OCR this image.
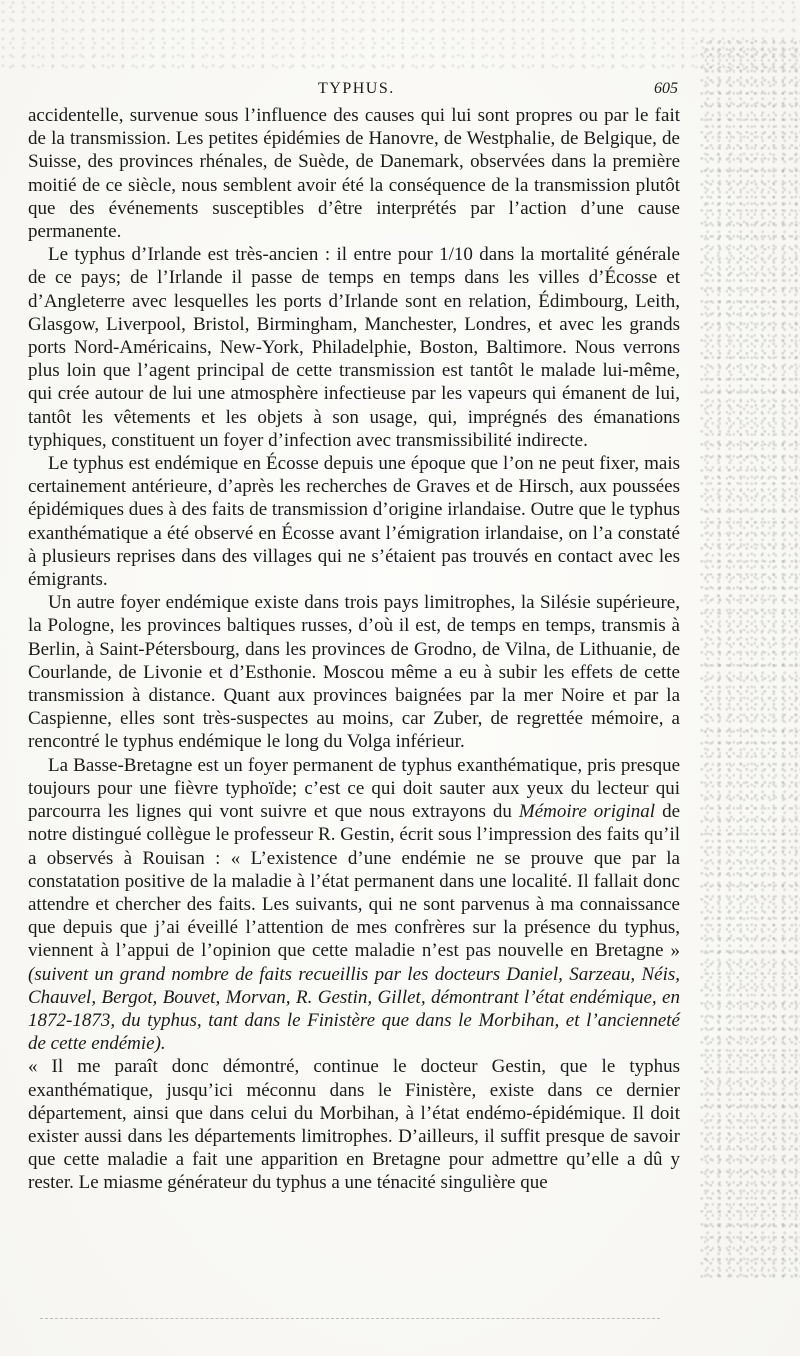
TYPHUS.	605

accidentelle, survenue sous l’influence des causes qui lui sont propres ou par le fait de la transmission. Les petites épidémies de Hanovre, de Westphalie, de Belgique, de Suisse, des provinces rhénales, de Suède, de Danemark, observées dans la première moitié de ce siècle, nous semblent avoir été la conséquence de la transmission plutôt que des événements susceptibles d’être interprétés par l’action d’une cause permanente.

Le typhus d’Irlande est très-ancien : il entre pour 1/10 dans la mortalité générale de ce pays; de l’Irlande il passe de temps en temps dans les villes d’Écosse et d’Angleterre avec lesquelles les ports d’Irlande sont en relation, Édimbourg, Leith, Glasgow, Liverpool, Bristol, Birmingham, Manchester, Londres, et avec les grands ports Nord-Américains, New-York, Philadelphie, Boston, Baltimore. Nous verrons plus loin que l’agent principal de cette transmission est tantôt le malade lui-même, qui crée autour de lui une atmosphère infectieuse par les vapeurs qui émanent de lui, tantôt les vêtements et les objets à son usage, qui, imprégnés des émanations typhiques, constituent un foyer d’infection avec transmissibilité indirecte.

Le typhus est endémique en Écosse depuis une époque que l’on ne peut fixer, mais certainement antérieure, d’après les recherches de Graves et de Hirsch, aux poussées épidémiques dues à des faits de transmission d’origine irlandaise. Outre que le typhus exanthématique a été observé en Écosse avant l’émigration irlandaise, on l’a constaté à plusieurs reprises dans des villages qui ne s’étaient pas trouvés en contact avec les émigrants.

Un autre foyer endémique existe dans trois pays limitrophes, la Silésie supérieure, la Pologne, les provinces baltiques russes, d’où il est, de temps en temps, transmis à Berlin, à Saint-Pétersbourg, dans les provinces de Grodno, de Vilna, de Lithuanie, de Courlande, de Livonie et d’Esthonie. Moscou même a eu à subir les effets de cette transmission à distance. Quant aux provinces baignées par la mer Noire et par la Caspienne, elles sont très-suspectes au moins, car Zuber, de regrettée mémoire, a rencontré le typhus endémique le long du Volga inférieur.

La Basse-Bretagne est un foyer permanent de typhus exanthématique, pris presque toujours pour une fièvre typhoïde; c’est ce qui doit sauter aux yeux du lecteur qui parcourra les lignes qui vont suivre et que nous extrayons du Mémoire original de notre distingué collègue le professeur R. Gestin, écrit sous l’impression des faits qu’il a observés à Rouisan : « L’existence d’une endémie ne se prouve que par la constatation positive de la maladie à l’état permanent dans une localité. Il fallait donc attendre et chercher des faits. Les suivants, qui ne sont parvenus à ma connaissance que depuis que j’ai éveillé l’attention de mes confrères sur la présence du typhus, viennent à l’appui de l’opinion que cette maladie n’est pas nouvelle en Bretagne » (suivent un grand nombre de faits recueillis par les docteurs Daniel, Sarzeau, Néis, Chauvel, Bergot, Bouvet, Morvan, R. Gestin, Gillet, démontrant l’état endémique, en 1872-1873, du typhus, tant dans le Finistère que dans le Morbihan, et l’ancienneté de cette endémie).

« Il me paraît donc démontré, continue le docteur Gestin, que le typhus exanthématique, jusqu’ici méconnu dans le Finistère, existe dans ce dernier département, ainsi que dans celui du Morbihan, à l’état endémo-épidémique. Il doit exister aussi dans les départements limitrophes. D’ailleurs, il suffit presque de savoir que cette maladie a fait une apparition en Bretagne pour admettre qu’elle a dû y rester. Le miasme générateur du typhus a une ténacité singulière que
